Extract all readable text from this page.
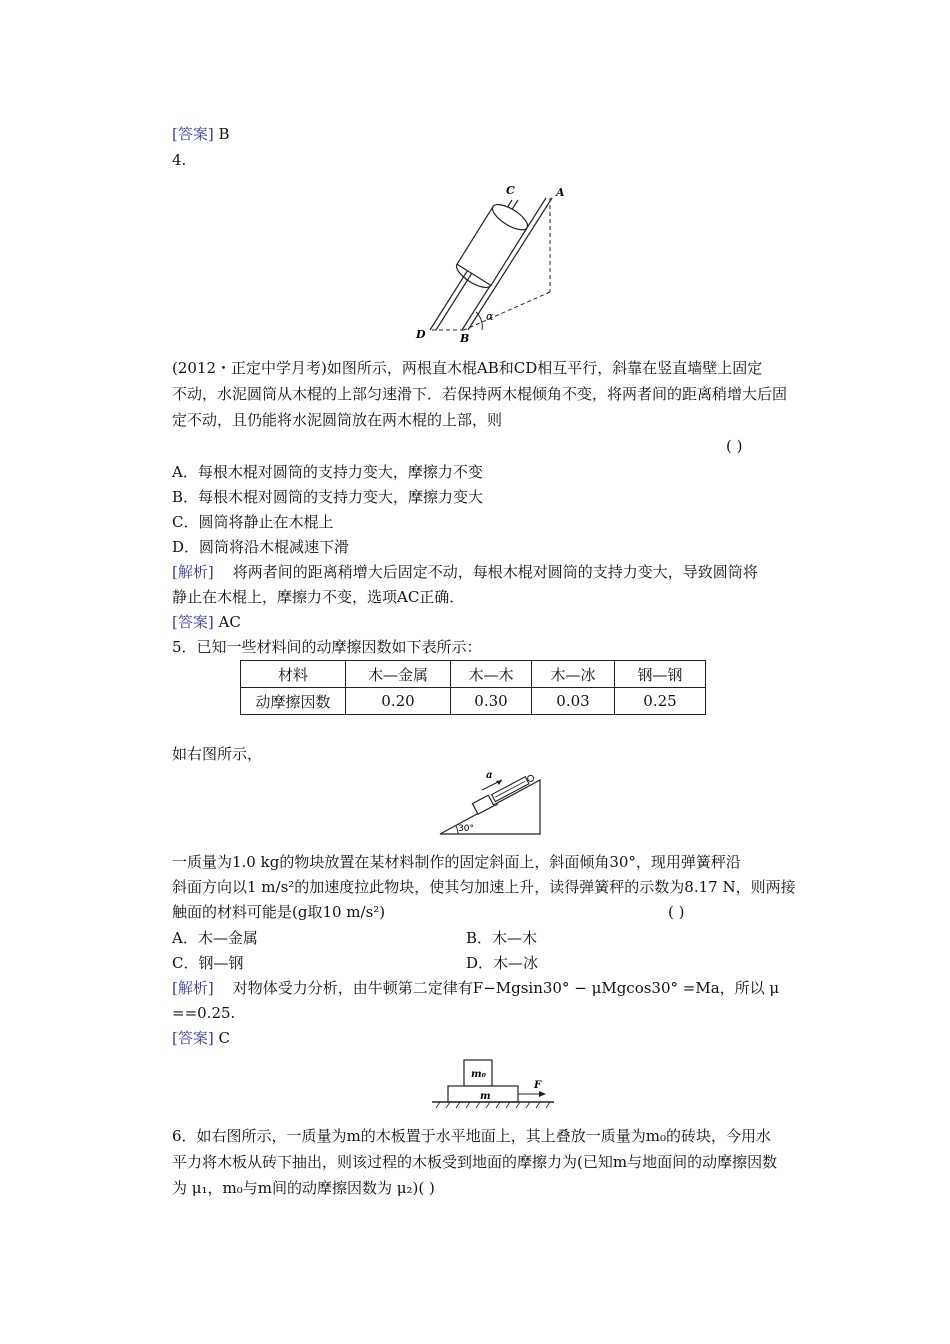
[答案] B
4.
α
C	A
D	B
(2012・正定中学月考)如图所示，两根直木棍AB和CD相互平行，斜靠在竖直墙壁上固定
不动，水泥圆筒从木棍的上部匀速滑下．若保持两木棍倾角不变，将两者间的距离稍增大后固
定不动，且仍能将水泥圆筒放在两木棍的上部，则
( )
A．每根木棍对圆筒的支持力变大，摩擦力不变
B．每根木棍对圆筒的支持力变大，摩擦力变大
C．圆筒将静止在木棍上
D．圆筒将沿木棍减速下滑
[解析] 将两者间的距离稍增大后固定不动，每根木棍对圆筒的支持力变大，导致圆筒将
静止在木棍上，摩擦力不变，选项AC正确．
[答案] AC
5．已知一些材料间的动摩擦因数如下表所示：
材料	木—金属	木—木	木—冰	钢—钢
动摩擦因数	0.20	0.30	0.03	0.25
如右图所示，
a
30°
一质量为1.0 kg的物块放置在某材料制作的固定斜面上，斜面倾角30°，现用弹簧秤沿
斜面方向以1 m/s²的加速度拉此物块，使其匀加速上升，读得弹簧秤的示数为8.17 N，则两接
触面的材料可能是(g取10 m/s²)	( )
A．木—金属	B．木—木
C．钢—钢	D．木—冰
[解析] 对物体受力分析，由牛顿第二定律有F−Mgsin30° − μMgcos30° =Ma，所以 μ
==0.25.
[答案] C
m₀
m
F
6．如右图所示，一质量为m的木板置于水平地面上，其上叠放一质量为m₀的砖块，今用水
平力将木板从砖下抽出，则该过程的木板受到地面的摩擦力为(已知m与地面间的动摩擦因数
为 μ₁，m₀与m间的动摩擦因数为 μ₂)( )
